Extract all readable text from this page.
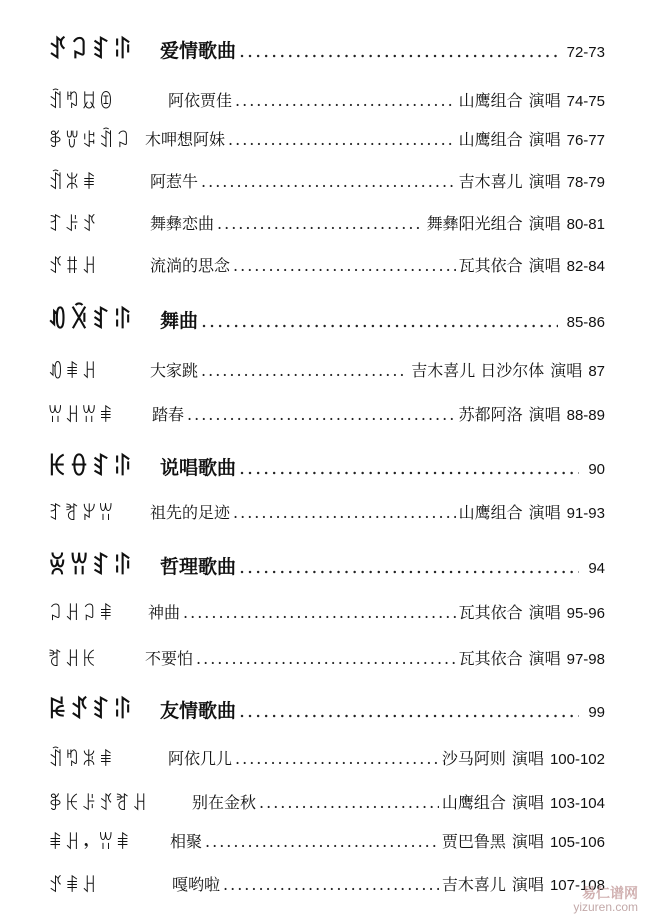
ꀋꃀꆏꃘ 爱情歌曲 .....	72-73
ꀉꑳꇷꀧ	阿依贾佳 .....	山鹰组合 演唱 74-75
ꃆꉒꌒꀉꃀ 木呷想阿妹 .....	山鹰组合 演唱 76-77
ꀉꍝꑌ	阿惹牛 .....	吉木喜儿 演唱 78-79
ꆈꌠꀋ	舞彝恋曲 .....	舞彝阳光组合 演唱 80-81
ꀋꐚꃅ	流淌的思念 .....	瓦其依合 演唱 82-84
ꀒꋋꆏꃘ 舞曲 .....	85-86
ꀒꑌꃅ	大家跳 .....	吉木喜儿 日沙尔体 演唱 87
ꀕꃅꀕꑌ 踏春 .....	苏都阿洛 演唱 88-89
ꀘꂷꆏꃘ 说唱歌曲 .....	90
ꆈꐛꏃꀕ 祖先的足迹 .....	山鹰组合 演唱 91-93
ꌞꀕꆏꃘ 哲理歌曲 .....	94
ꃀꃅꃀꑌ 神曲 .....	瓦其依合 演唱 95-96
ꐛꃅꀘ	不要怕 .....	瓦其依合 演唱 97-98
ꀙꀋꆏꃘ 友情歌曲 .....	99
ꀉꑳꍝꑌ	阿依几儿 .....	沙马阿则 演唱 100-102
ꃆꀘꌠꀋꐛꃅ	别在金秋 .....	山鹰组合 演唱 103-104
ꑌꃅ，ꀕꑌ 相聚 .....	贾巴鲁黑 演唱 105-106
ꀋꑌꃅ	嘎哟啦 .....	吉木喜儿 演唱 107-108
易仁谱网
yizuren.com
